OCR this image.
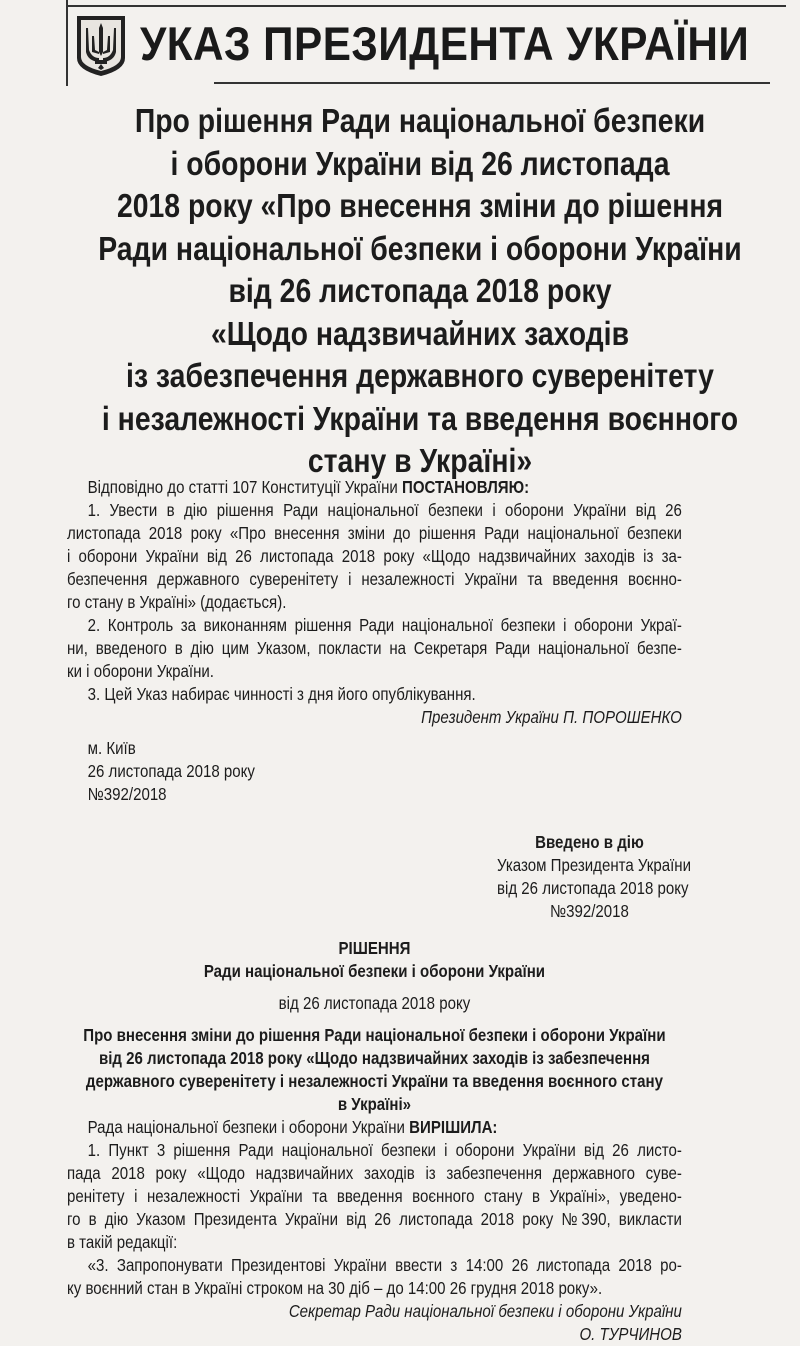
УКАЗ ПРЕЗИДЕНТА УКРАЇНИ
Про рішення Ради національної безпеки
і оборони України від 26 листопада
2018 року «Про внесення зміни до рішення
Ради національної безпеки і оборони України
від 26 листопада 2018 року
«Щодо надзвичайних заходів
із забезпечення державного суверенітету
і незалежності України та введення воєнного
стану в Україні»

Відповідно до статті 107 Конституції України ПОСТАНОВЛЯЮ:

1. Увести в дію рішення Ради національної безпеки і оборони України від 26
листопада 2018 року «Про внесення зміни до рішення Ради національної безпеки
і оборони України від 26 листопада 2018 року «Щодо надзвичайних заходів із за-
безпечення державного суверенітету і незалежності України та введення воєнно-
го стану в Україні» (додається).
2. Контроль за виконанням рішення Ради національної безпеки і оборони Украї-
ни, введеного в дію цим Указом, покласти на Секретаря Ради національної безпе-
ки і оборони України.

3. Цей Указ набирає чинності з дня його опублікування.

Президент України П. ПОРОШЕНКО

м. Київ

26 листопада 2018 року

№392/2018

Введено в дію

Указом Президента України

від 26 листопада 2018 року

№392/2018

РІШЕННЯ

Ради національної безпеки і оборони України

від 26 листопада 2018 року

Про внесення зміни до рішення Ради національної безпеки і оборони України
від 26 листопада 2018 року «Щодо надзвичайних заходів із забезпечення
державного суверенітету і незалежності України та введення воєнного стану
в Україні»

Рада національної безпеки і оборони України ВИРІШИЛА:

1. Пункт 3 рішення Ради національної безпеки і оборони України від 26 листо-
пада 2018 року «Щодо надзвичайних заходів із забезпечення державного суве-
ренітету і незалежності України та введення воєнного стану в Україні», уведено-
го в дію Указом Президента України від 26 листопада 2018 року №390, викласти
в такій редакції:
«3. Запропонувати Президентові України ввести з 14:00 26 листопада 2018 ро-
ку воєнний стан в Україні строком на 30 діб – до 14:00 26 грудня 2018 року».

Секретар Ради національної безпеки і оборони України

О. ТУРЧИНОВ
